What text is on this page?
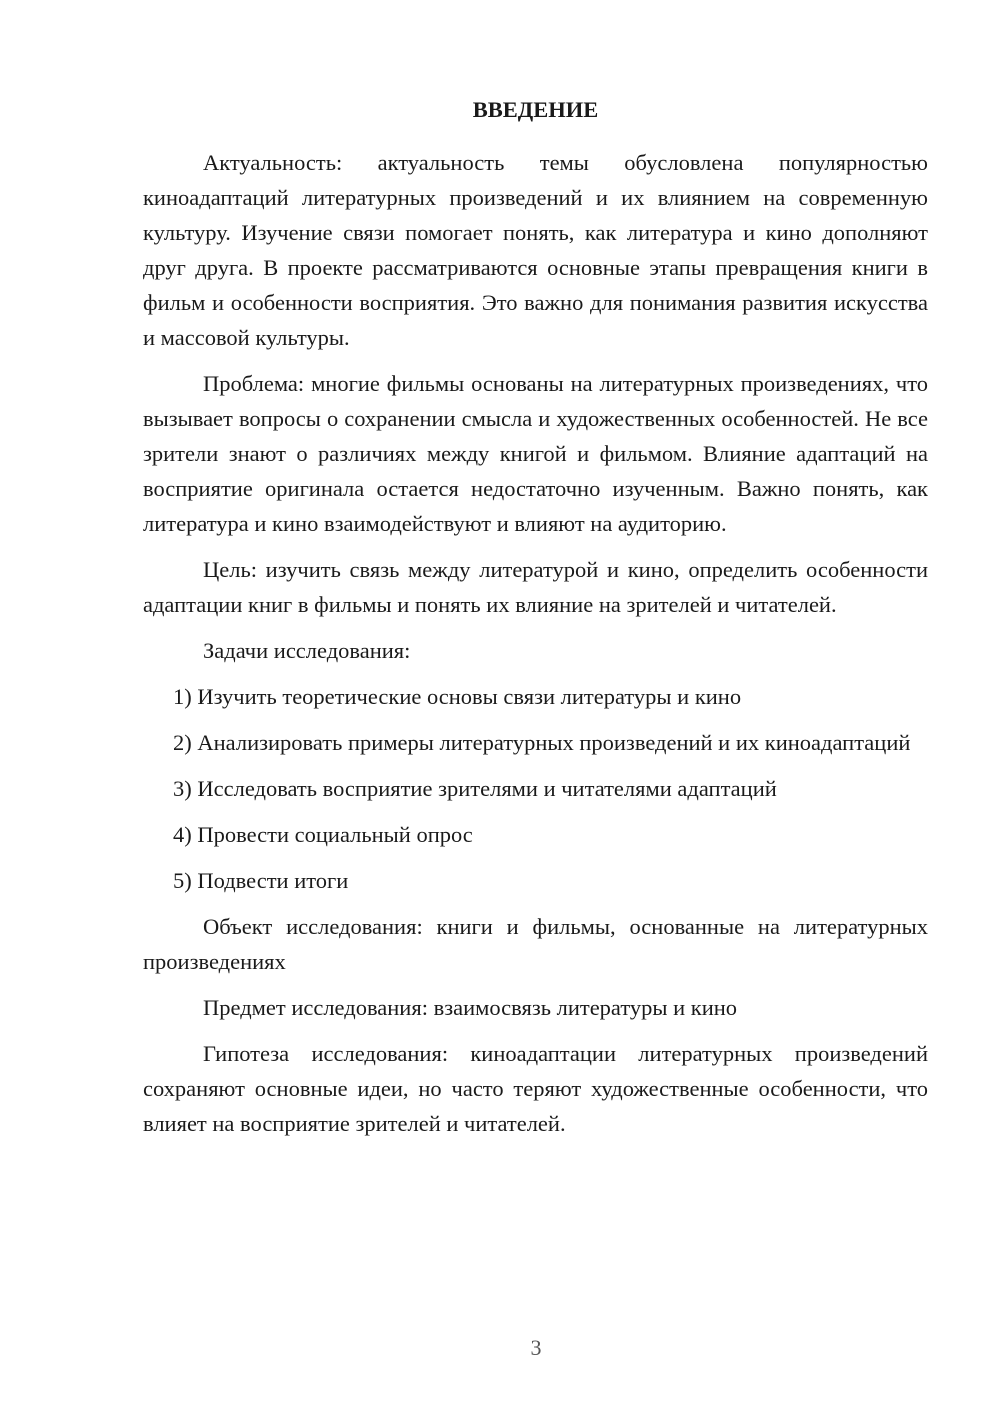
ВВЕДЕНИЕ

Актуальность: актуальность темы обусловлена популярностью киноадаптаций литературных произведений и их влиянием на современную культуру. Изучение связи помогает понять, как литература и кино дополняют друг друга. В проекте рассматриваются основные этапы превращения книги в фильм и особенности восприятия. Это важно для понимания развития искусства и массовой культуры.

Проблема: многие фильмы основаны на литературных произведениях, что вызывает вопросы о сохранении смысла и художественных особенностей. Не все зрители знают о различиях между книгой и фильмом. Влияние адаптаций на восприятие оригинала остается недостаточно изученным. Важно понять, как литература и кино взаимодействуют и влияют на аудиторию.

Цель: изучить связь между литературой и кино, определить особенности адаптации книг в фильмы и понять их влияние на зрителей и читателей.

Задачи исследования:

1) Изучить теоретические основы связи литературы и кино

2) Анализировать примеры литературных произведений и их киноадаптаций

3) Исследовать восприятие зрителями и читателями адаптаций

4) Провести социальный опрос

5) Подвести итоги

Объект исследования: книги и фильмы, основанные на литературных произведениях

Предмет исследования: взаимосвязь литературы и кино

Гипотеза исследования: киноадаптации литературных произведений сохраняют основные идеи, но часто теряют художественные особенности, что влияет на восприятие зрителей и читателей.

3
